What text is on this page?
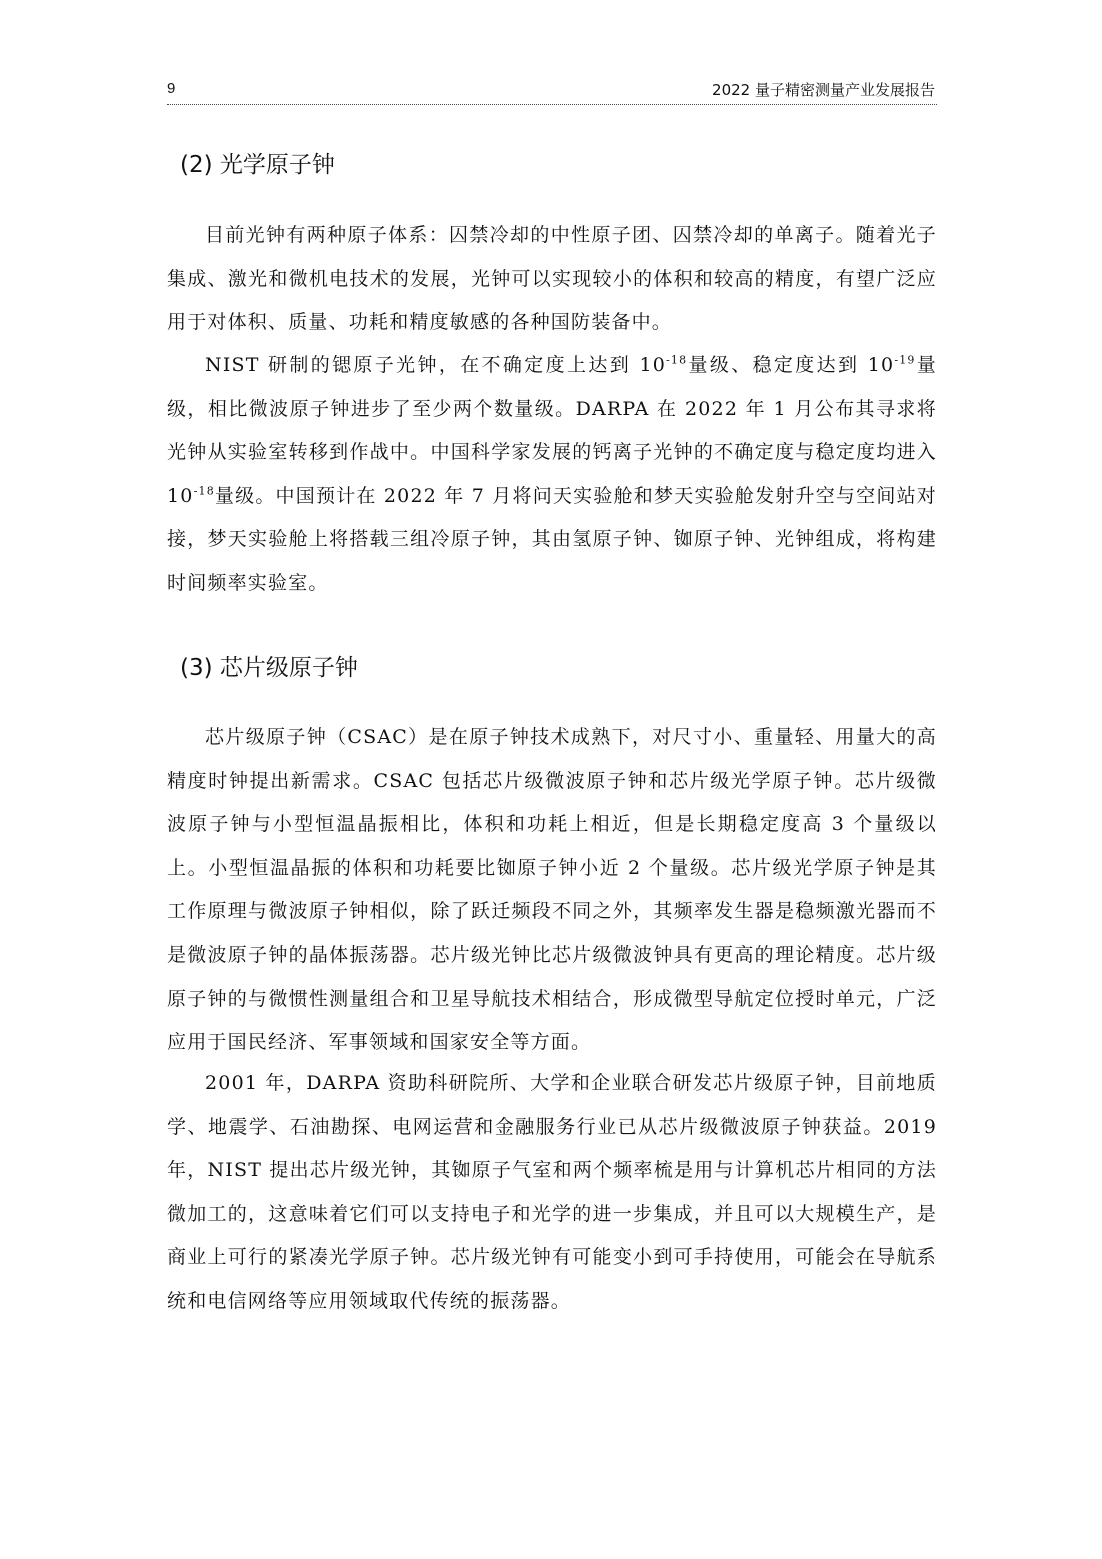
9	2022 量子精密测量产业发展报告
(2) 光学原子钟

目前光钟有两种原子体系：囚禁冷却的中性原子团、囚禁冷却的单离子。随着光子集成、激光和微机电技术的发展，光钟可以实现较小的体积和较高的精度，有望广泛应用于对体积、质量、功耗和精度敏感的各种国防装备中。

NIST 研制的锶原子光钟，在不确定度上达到 $10^{-18}$量级、稳定度达到 $10^{-19}$量级，相比微波原子钟进步了至少两个数量级。DARPA 在 2022 年 1 月公布其寻求将光钟从实验室转移到作战中。中国科学家发展的钙离子光钟的不确定度与稳定度均进入 $10^{-18}$量级。中国预计在 2022 年 7 月将问天实验舱和梦天实验舱发射升空与空间站对接，梦天实验舱上将搭载三组冷原子钟，其由氢原子钟、铷原子钟、光钟组成，将构建时间频率实验室。

(3) 芯片级原子钟

芯片级原子钟（CSAC）是在原子钟技术成熟下，对尺寸小、重量轻、用量大的高精度时钟提出新需求。CSAC 包括芯片级微波原子钟和芯片级光学原子钟。芯片级微波原子钟与小型恒温晶振相比，体积和功耗上相近，但是长期稳定度高 3 个量级以上。小型恒温晶振的体积和功耗要比铷原子钟小近 2 个量级。芯片级光学原子钟是其工作原理与微波原子钟相似，除了跃迁频段不同之外，其频率发生器是稳频激光器而不是微波原子钟的晶体振荡器。芯片级光钟比芯片级微波钟具有更高的理论精度。芯片级原子钟的与微惯性测量组合和卫星导航技术相结合，形成微型导航定位授时单元，广泛应用于国民经济、军事领域和国家安全等方面。

2001 年，DARPA 资助科研院所、大学和企业联合研发芯片级原子钟，目前地质学、地震学、石油勘探、电网运营和金融服务行业已从芯片级微波原子钟获益。2019 年，NIST 提出芯片级光钟，其铷原子气室和两个频率梳是用与计算机芯片相同的方法微加工的，这意味着它们可以支持电子和光学的进一步集成，并且可以大规模生产，是商业上可行的紧凑光学原子钟。芯片级光钟有可能变小到可手持使用，可能会在导航系统和电信网络等应用领域取代传统的振荡器。
